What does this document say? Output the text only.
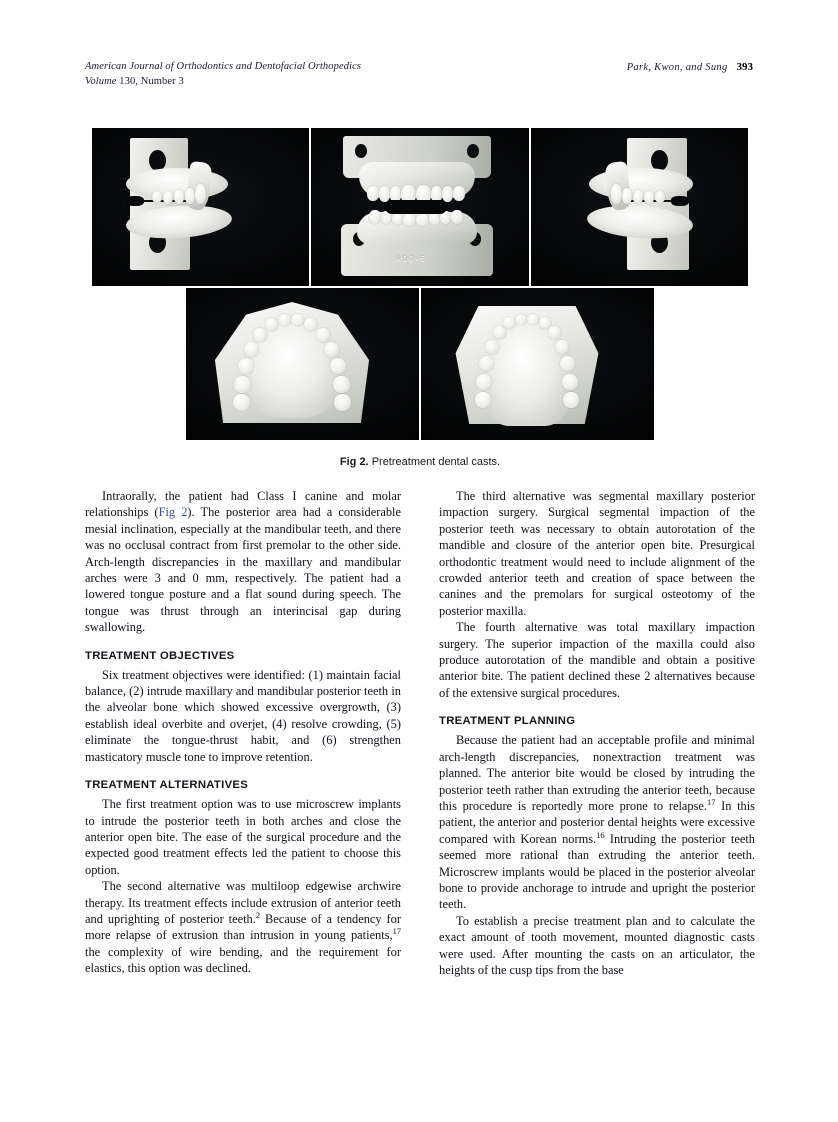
American Journal of Orthodontics and Dentofacial Orthopedics
Volume 130, Number 3
Park, Kwon, and Sung 393
A00-5
Fig 2. Pretreatment dental casts.

Intraorally, the patient had Class I canine and molar relationships (Fig 2). The posterior area had a considerable mesial inclination, especially at the mandibular teeth, and there was no occlusal contract from first premolar to the other side. Arch-length discrepancies in the maxillary and mandibular arches were 3 and 0 mm, respectively. The patient had a lowered tongue posture and a flat sound during speech. The tongue was thrust through an interincisal gap during swallowing.

TREATMENT OBJECTIVES

Six treatment objectives were identified: (1) maintain facial balance, (2) intrude maxillary and mandibular posterior teeth in the alveolar bone which showed excessive overgrowth, (3) establish ideal overbite and overjet, (4) resolve crowding, (5) eliminate the tongue-thrust habit, and (6) strengthen masticatory muscle tone to improve retention.

TREATMENT ALTERNATIVES

The first treatment option was to use microscrew implants to intrude the posterior teeth in both arches and close the anterior open bite. The ease of the surgical procedure and the expected good treatment effects led the patient to choose this option.

The second alternative was multiloop edgewise archwire therapy. Its treatment effects include extrusion of anterior teeth and uprighting of posterior teeth.$^2$ Because of a tendency for more relapse of extrusion than intrusion in young patients,$^{17}$ the complexity of wire bending, and the requirement for elastics, this option was declined.

The third alternative was segmental maxillary posterior impaction surgery. Surgical segmental impaction of the posterior teeth was necessary to obtain autorotation of the mandible and closure of the anterior open bite. Presurgical orthodontic treatment would need to include alignment of the crowded anterior teeth and creation of space between the canines and the premolars for surgical osteotomy of the posterior maxilla.

The fourth alternative was total maxillary impaction surgery. The superior impaction of the maxilla could also produce autorotation of the mandible and obtain a positive anterior bite. The patient declined these 2 alternatives because of the extensive surgical procedures.

TREATMENT PLANNING

Because the patient had an acceptable profile and minimal arch-length discrepancies, nonextraction treatment was planned. The anterior bite would be closed by intruding the posterior teeth rather than extruding the anterior teeth, because this procedure is reportedly more prone to relapse.$^{17}$ In this patient, the anterior and posterior dental heights were excessive compared with Korean norms.$^{16}$ Intruding the posterior teeth seemed more rational than extruding the anterior teeth. Microscrew implants would be placed in the posterior alveolar bone to provide anchorage to intrude and upright the posterior teeth.

To establish a precise treatment plan and to calculate the exact amount of tooth movement, mounted diagnostic casts were used. After mounting the casts on an articulator, the heights of the cusp tips from the base
